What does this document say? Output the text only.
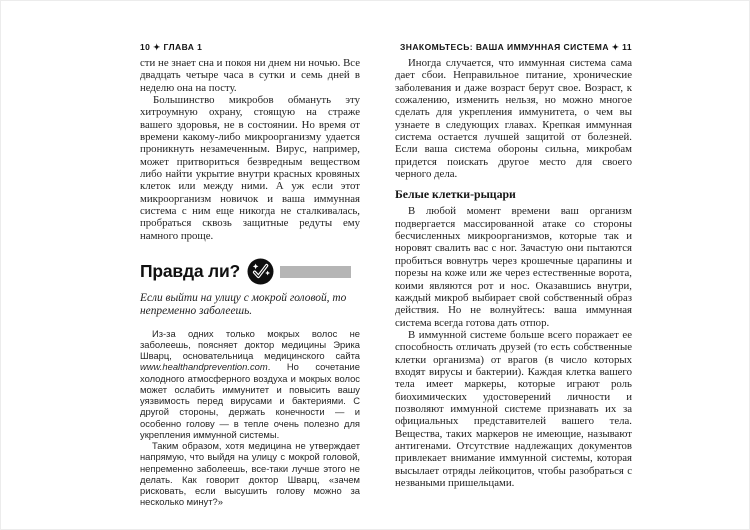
10 ✦ ГЛАВА 1

сти не знает сна и покоя ни днем ни ночью. Все двадцать четыре часа в сутки и семь дней в неделю она на посту.

Большинство микробов обмануть эту хитроумную охрану, стоящую на страже вашего здоровья, не в состоянии. Но время от времени какому-либо микроорганизму удается проникнуть незамеченным. Вирус, например, может притвориться безвредным веществом либо найти укрытие внутри красных кровяных клеток или между ними. А уж если этот микроорганизм новичок и ваша иммунная система с ним еще никогда не сталкивалась, пробраться сквозь защитные редуты ему намного проще.

Правда ли?

Если выйти на улицу с мокрой головой, то непременно заболеешь.

Из-за одних только мокрых волос не заболеешь, поясняет доктор медицины Эрика Шварц, основательница медицинского сайта www.healthandprevention.com. Но сочетание холодного атмосферного воздуха и мокрых волос может ослабить иммунитет и повысить вашу уязвимость перед вирусами и бактериями. С другой стороны, держать конечности — и особенно голову — в тепле очень полезно для укрепления иммунной системы.

Таким образом, хотя медицина не утверждает напрямую, что выйдя на улицу с мокрой головой, непременно заболеешь, все-таки лучше этого не делать. Как говорит доктор Шварц, «зачем рисковать, если высушить голову можно за несколько минут?»

ЗНАКОМЬТЕСЬ: ВАША ИММУННАЯ СИСТЕМА ✦ 11

Иногда случается, что иммунная система сама дает сбои. Неправильное питание, хронические заболевания и даже возраст берут свое. Возраст, к сожалению, изменить нельзя, но можно многое сделать для укрепления иммунитета, о чем вы узнаете в следующих главах. Крепкая иммунная система остается лучшей защитой от болезней. Если ваша система обороны сильна, микробам придется поискать другое место для своего черного дела.

Белые клетки-рыцари

В любой момент времени ваш организм подвергается массированной атаке со стороны бесчисленных микроорганизмов, которые так и норовят свалить вас с ног. Зачастую они пытаются пробиться вовнутрь через крошечные царапины и порезы на коже или же через естественные ворота, коими являются рот и нос. Оказавшись внутри, каждый микроб выбирает свой собственный образ действия. Но не волнуйтесь: ваша иммунная система всегда готова дать отпор.

В иммунной системе больше всего поражает ее способность отличать друзей (то есть собственные клетки организма) от врагов (в число которых входят вирусы и бактерии). Каждая клетка вашего тела имеет маркеры, которые играют роль биохимических удостоверений личности и позволяют иммунной системе признавать их за официальных представителей вашего тела. Вещества, таких маркеров не имеющие, называют антигенами. Отсутствие надлежащих документов привлекает внимание иммунной системы, которая высылает отряды лейкоцитов, чтобы разобраться с незваными пришельцами.
